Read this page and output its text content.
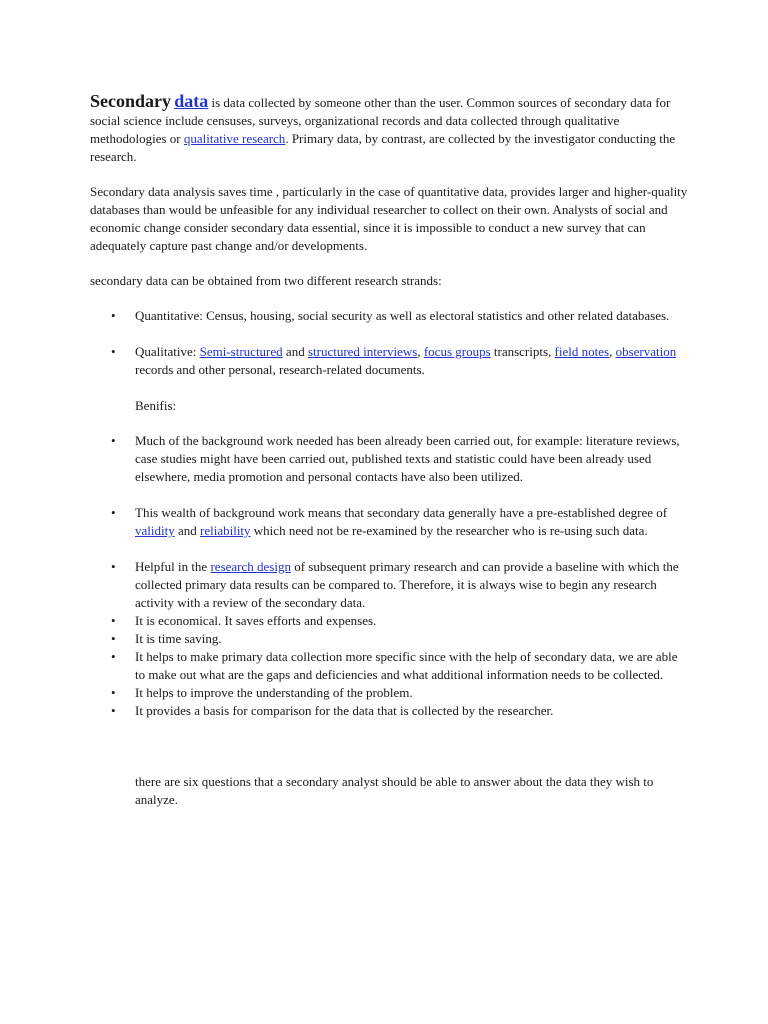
Secondary data is data collected by someone other than the user. Common sources of secondary data for social science include censuses, surveys, organizational records and data collected through qualitative methodologies or qualitative research. Primary data, by contrast, are collected by the investigator conducting the research.

Secondary data analysis saves time , particularly in the case of quantitative data, provides larger and higher-quality databases than would be unfeasible for any individual researcher to collect on their own. Analysts of social and economic change consider secondary data essential, since it is impossible to conduct a new survey that can adequately capture past change and/or developments.

secondary data can be obtained from two different research strands:

• Quantitative: Census, housing, social security as well as electoral statistics and other related databases.
• Qualitative: Semi-structured and structured interviews, focus groups transcripts, field notes, observation records and other personal, research-related documents.

Benifis:

• Much of the background work needed has been already been carried out, for example: literature reviews, case studies might have been carried out, published texts and statistic could have been already used elsewhere, media promotion and personal contacts have also been utilized.
• This wealth of background work means that secondary data generally have a pre-established degree of validity and reliability which need not be re-examined by the researcher who is re-using such data.
• Helpful in the research design of subsequent primary research and can provide a baseline with which the collected primary data results can be compared to. Therefore, it is always wise to begin any research activity with a review of the secondary data.
• It is economical. It saves efforts and expenses.
• It is time saving.
• It helps to make primary data collection more specific since with the help of secondary data, we are able to make out what are the gaps and deficiencies and what additional information needs to be collected.
• It helps to improve the understanding of the problem.
• It provides a basis for comparison for the data that is collected by the researcher.

there are six questions that a secondary analyst should be able to answer about the data they wish to analyze.
